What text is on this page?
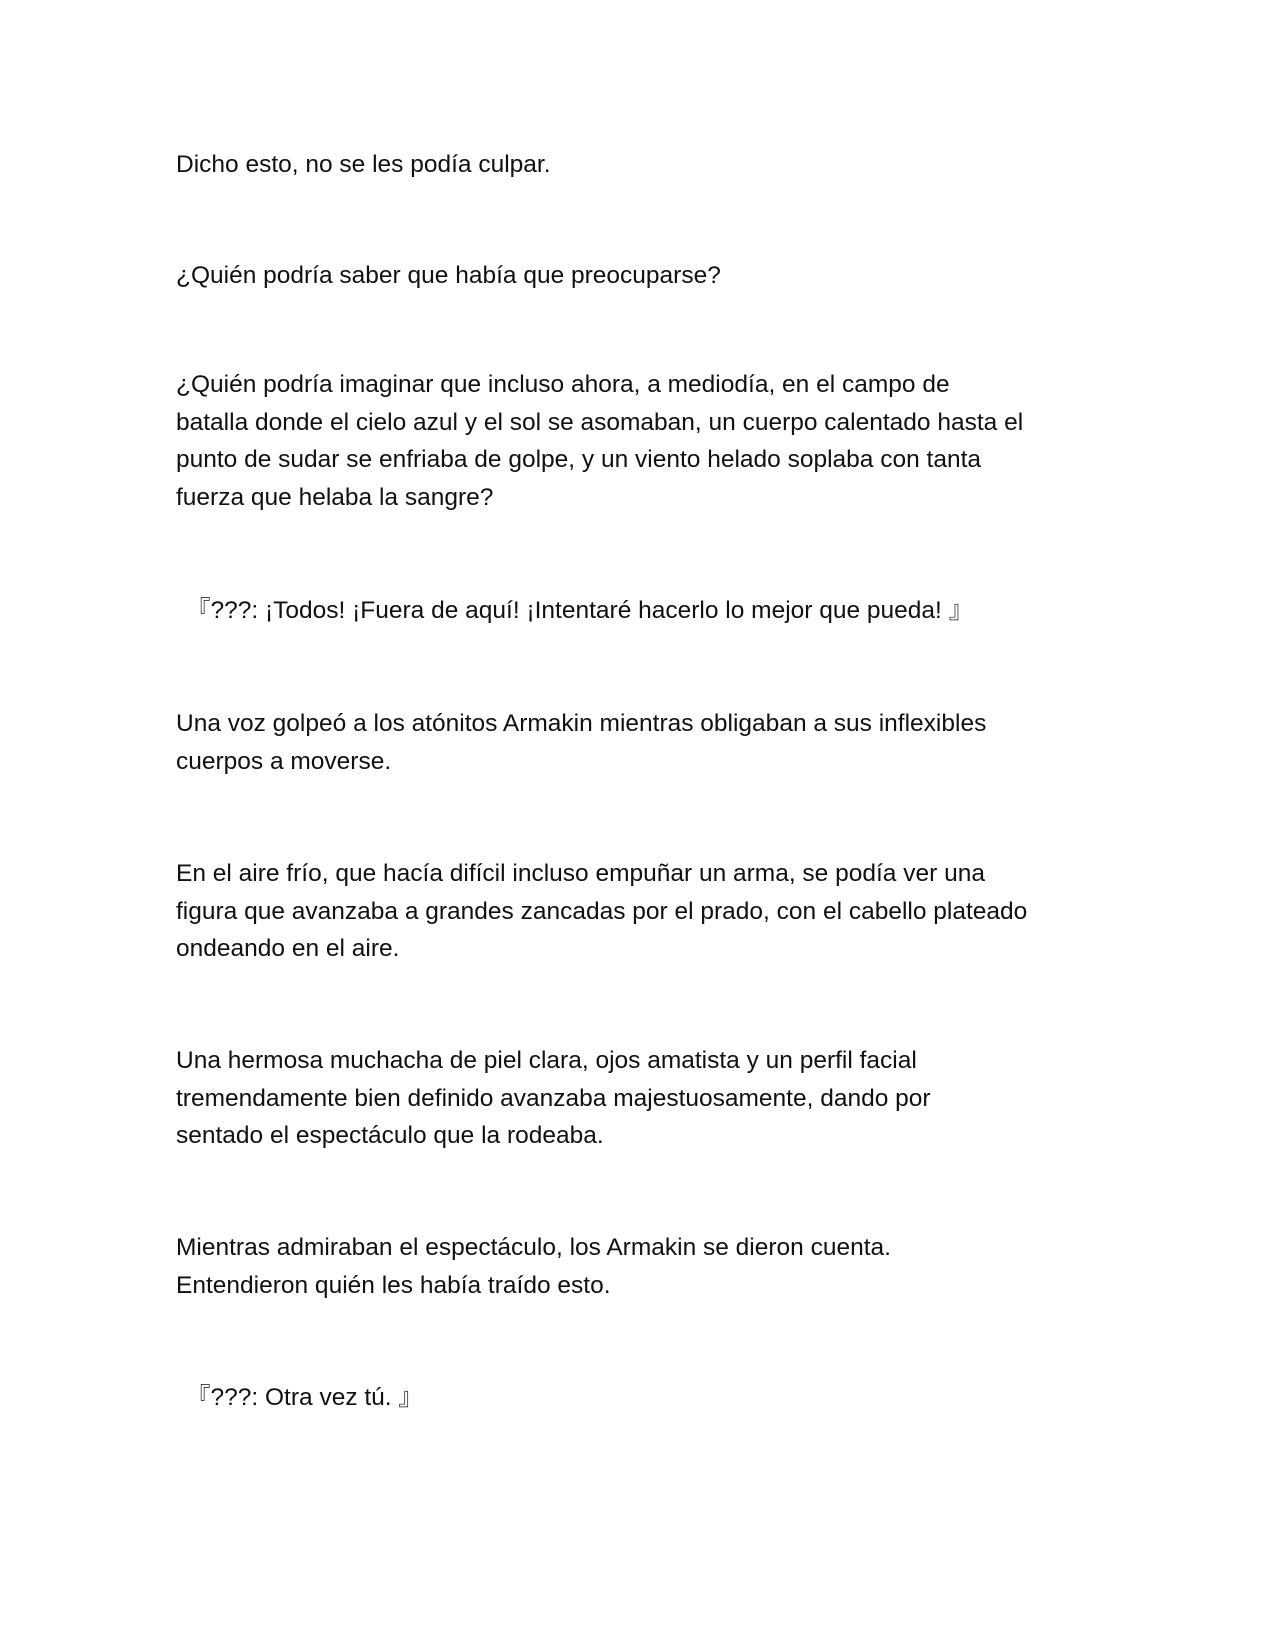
Dicho esto, no se les podía culpar.

¿Quién podría saber que había que preocuparse?

¿Quién podría imaginar que incluso ahora, a mediodía, en el campo de
batalla donde el cielo azul y el sol se asomaban, un cuerpo calentado hasta el
punto de sudar se enfriaba de golpe, y un viento helado soplaba con tanta
fuerza que helaba la sangre?

『???: ¡Todos! ¡Fuera de aquí! ¡Intentaré hacerlo lo mejor que pueda! 』

Una voz golpeó a los atónitos Armakin mientras obligaban a sus inflexibles
cuerpos a moverse.

En el aire frío, que hacía difícil incluso empuñar un arma, se podía ver una
figura que avanzaba a grandes zancadas por el prado, con el cabello plateado
ondeando en el aire.

Una hermosa muchacha de piel clara, ojos amatista y un perfil facial
tremendamente bien definido avanzaba majestuosamente, dando por
sentado el espectáculo que la rodeaba.

Mientras admiraban el espectáculo, los Armakin se dieron cuenta.
Entendieron quién les había traído esto.

『???: Otra vez tú. 』
